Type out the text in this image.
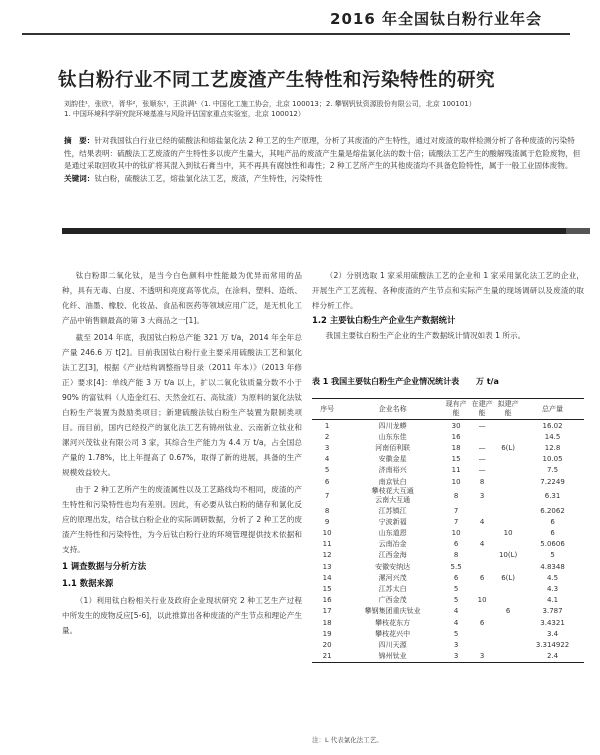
2016 年全国钛白粉行业年会
钛白粉行业不同工艺废渣产生特性和污染特性的研究
刘韵佳¹，张欣¹，胥华²，张顺东¹，王洪满¹（1. 中国化工施工协会，北京 100013；2. 攀钢钒钛资源股份有限公司，北京 100101）
1. 中国环境科学研究院环境基准与风险评估国家重点实验室，北京 100012）
摘　要：针对我国钛白行业已经的硫酸法和熔盐氯化法 2 种工艺的生产原理，分析了其废渣的产生特性，通过对废渣的取样检测分析了各种废渣的污染特性，结果表明：硫酸法工艺废渣的产生特性多以废产生量大，其吨产品的废渣产生量是熔盐氯化法的数十倍；硫酸法工艺产生的酸解残渣属于危险废物，但是通过采取回收其中的钛矿将其混入到钛石膏当中，其不再具有腐蚀性和毒性；2 种工艺所产生的其他废渣均不具备危险特性，属于一般工业固体废物。
关键词：钛白粉，硫酸法工艺，熔盐氯化法工艺，废渣，产生特性，污染特性

钛白粉即二氧化钛，是当今白色颜料中性能最为优异而常用的品种，具有无毒、白度、不透明和亮度高等优点，在涂料、塑料、造纸、化纤、油墨、橡胶、化妆品、食品和医药等领域应用广泛，是无机化工产品中销售额最高的第 3 大商品之一[1]。

截至 2014 年底，我国钛白粉总产能 321 万 t/a，2014 年全年总产量 246.6 万 t[2]。目前我国钛白粉行业主要采用硫酸法工艺和氯化法工艺[3]，根据《产业结构调整指导目录（2011 年本）》（2013 年修正）要求[4]：单线产能 3 万 t/a 以上，扩以二氧化钛质量分数不小于 90% 的富钛料（人造金红石、天然金红石、高钛渣）为原料的氯化法钛白粉生产装置为鼓励类项目；新建硫酸法钛白粉生产装置为限制类项目。而目前，国内已经投产的氯化法工艺有锦州钛业、云南新立钛业和漯河兴茂钛业有限公司 3 家，其综合生产能力为 4.4 万 t/a，占全国总产量的 1.78%，比上年提高了 0.67%，取得了新的进展，具备的生产规模效益较大。

由于 2 种工艺所产生的废渣属性以及工艺路线均不相同，废渣的产生特性和污染特性也均有差别。因此，有必要从钛白粉的储存和氯化反应的原理出发，结合钛白粉企业的实际调研数据，分析了 2 种工艺的废渣产生特性和污染特性，为今后钛白粉行业的环境管理提供技术依据和支持。

1 调查数据与分析方法

1.1 数据来源

（1）利用钛白粉相关行业及政府企业现状研究 2 种工艺生产过程中所发生的废物反应[5-6]，以此推算出各种废渣的产生节点和理论产生量。

（2）分别选取 1 家采用硫酸法工艺的企业和 1 家采用氯化法工艺的企业，开展生产工艺流程、各种废渣的产生节点和实际产生量的现场调研以及废渣的取样分析工作。

1.2 主要钛白粉生产企业生产数据统计

我国主要钛白粉生产企业的生产数据统计情况如表 1 所示。

表 1 我国主要钛白粉生产企业情况统计表 万 t/a
序号	企业名称	现有产能	在建产能	拟建产能	总产量
1	四川龙蟒	30	—		16.02
2	山东东佳	16			14.5
3	河南佰利联	18	—	6(L)	12.8
4	安徽金星	15	—		10.05
5	济南裕兴	11	—		7.5
6	南京钛白	10	8		7.2249
7	攀枝花大互通
云南大互通	8	3		6.31
8	江苏镇江	7			6.2062
9	宁波新福	7	4		6
10	山东道恩	10		10	6
11	云南冶金	6	4		5.0606
12	江西金海	8		10(L)	5
13	安徽安纳达	5.5			4.8348
14	漯河兴茂	6	6	6(L)	4.5
15	江苏太白	5			4.3
16	广西金茂	5	10		4.1
17	攀钢集团重庆钛业	4		6	3.787
18	攀枝花东方	4	6		3.4321
19	攀枝花兴中	5			3.4
20	四川天源	3			3.314922
21	锦州钛业	3	3		2.4
注：L 代表氯化法工艺。
